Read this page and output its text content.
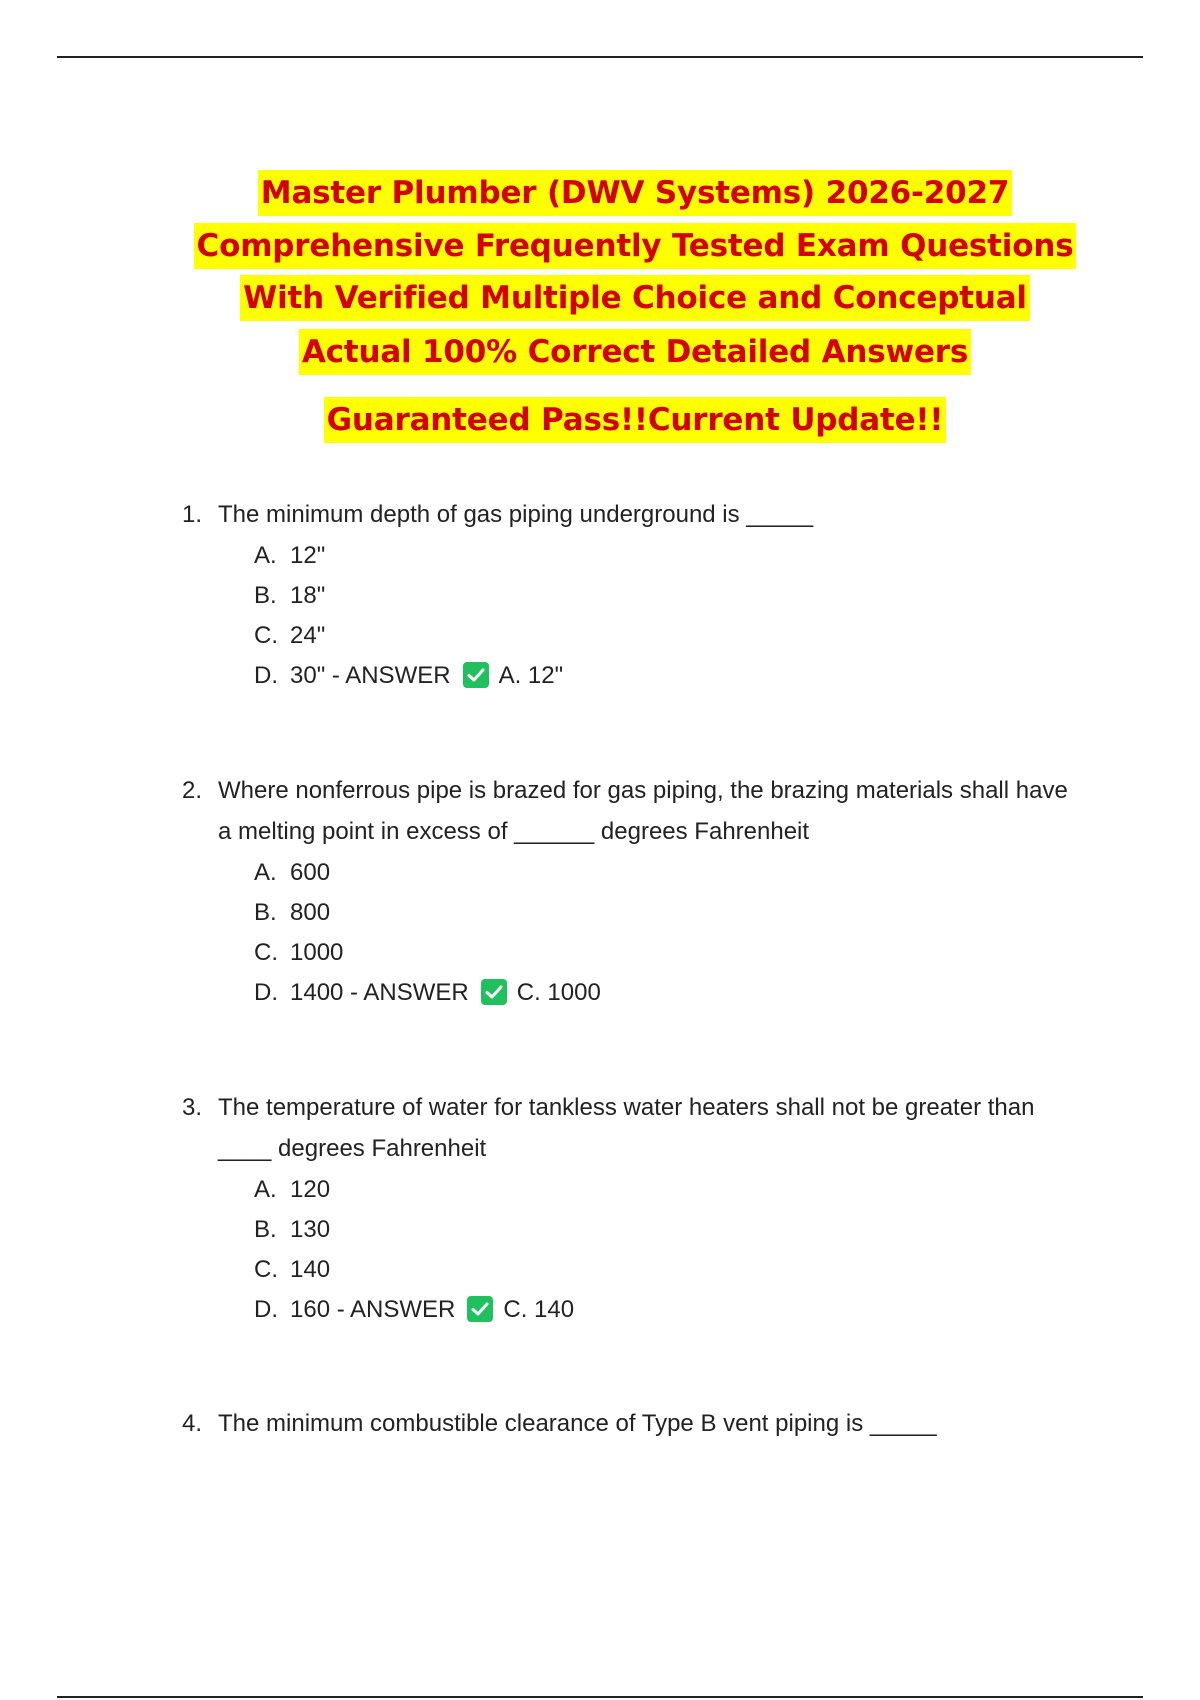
Master Plumber (DWV Systems) 2026-2027
Comprehensive Frequently Tested Exam Questions
With Verified Multiple Choice and Conceptual
Actual 100% Correct Detailed Answers
Guaranteed Pass!!Current Update!!
1. The minimum depth of gas piping underground is _____
A. 12"
B. 18"
C. 24"
D. 30" - ANSWER A. 12"
2. Where nonferrous pipe is brazed for gas piping, the brazing materials shall have a melting point in excess of ______ degrees Fahrenheit
A. 600
B. 800
C. 1000
D. 1400 - ANSWER C. 1000
3. The temperature of water for tankless water heaters shall not be greater than ____ degrees Fahrenheit
A. 120
B. 130
C. 140
D. 160 - ANSWER C. 140
4. The minimum combustible clearance of Type B vent piping is _____
